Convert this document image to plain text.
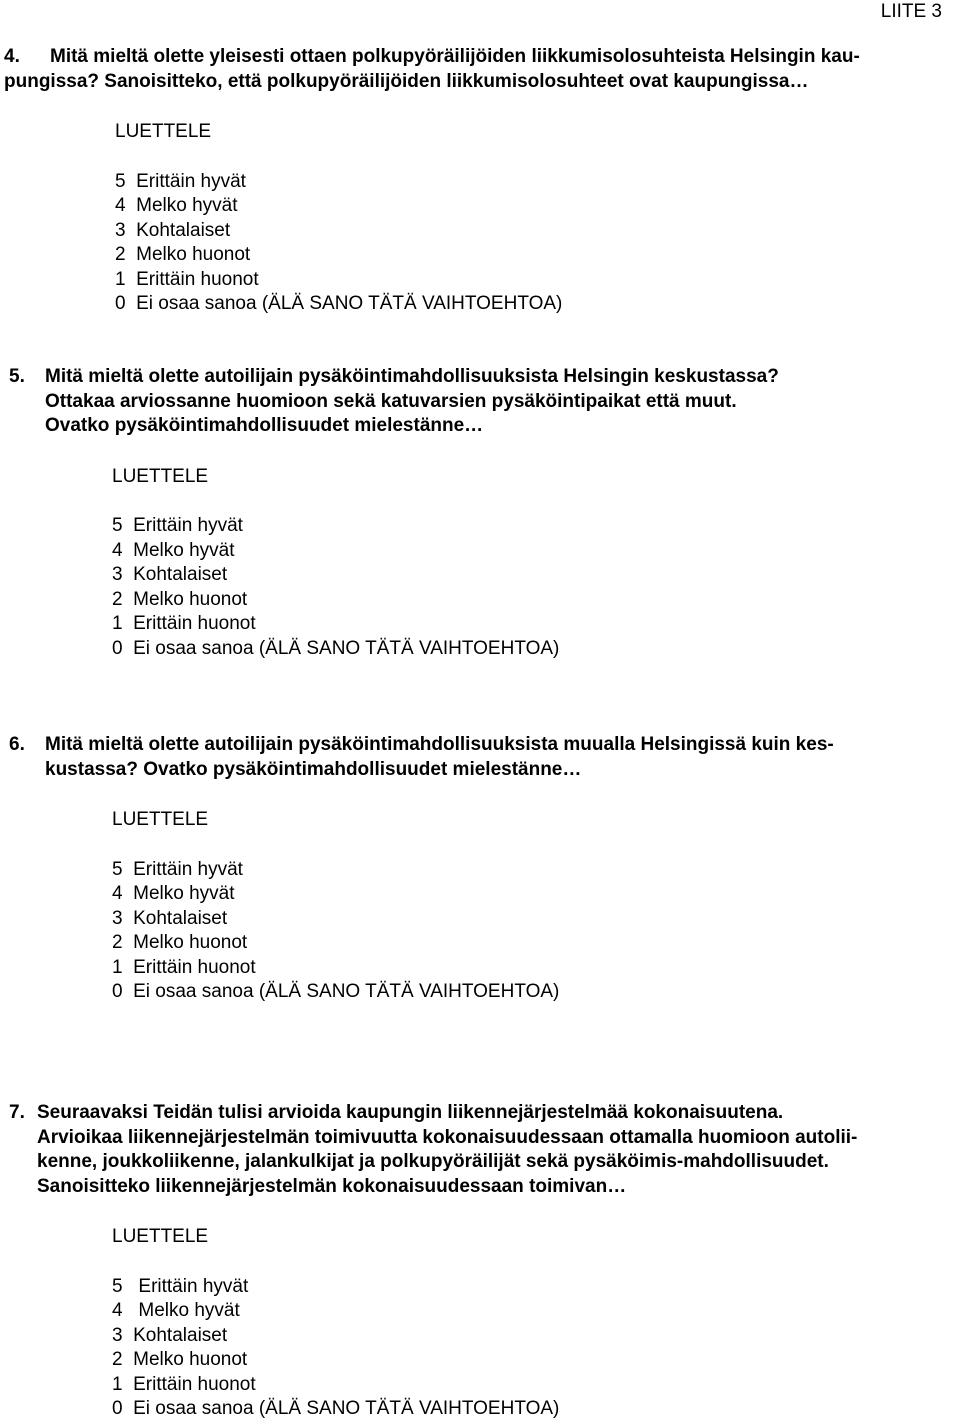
LIITE 3
4.	Mitä mieltä olette yleisesti ottaen polkupyöräilijöiden liikkumisolosuhteista Helsingin kau-
pungissa? Sanoisitteko, että polkupyöräilijöiden liikkumisolosuhteet ovat kaupungissa…
LUETTELE
5  Erittäin hyvät
4  Melko hyvät
3  Kohtalaiset
2  Melko huonot
1  Erittäin huonot
0  Ei osaa sanoa (ÄLÄ SANO TÄTÄ VAIHTOEHTOA)
5.	Mitä mieltä olette autoilijain pysäköintimahdollisuuksista Helsingin keskustassa?
Ottakaa arviossanne huomioon sekä katuvarsien pysäköintipaikat että muut.
Ovatko pysäköintimahdollisuudet mielestänne…
LUETTELE
5  Erittäin hyvät
4  Melko hyvät
3  Kohtalaiset
2  Melko huonot
1  Erittäin huonot
0  Ei osaa sanoa (ÄLÄ SANO TÄTÄ VAIHTOEHTOA)
6.	Mitä mieltä olette autoilijain pysäköintimahdollisuuksista muualla Helsingissä kuin kes-
kustassa? Ovatko pysäköintimahdollisuudet mielestänne…
LUETTELE
5  Erittäin hyvät
4  Melko hyvät
3  Kohtalaiset
2  Melko huonot
1  Erittäin huonot
0  Ei osaa sanoa (ÄLÄ SANO TÄTÄ VAIHTOEHTOA)
7. Seuraavaksi Teidän tulisi arvioida kaupungin liikennejärjestelmää kokonaisuutena.
Arvioikaa liikennejärjestelmän toimivuutta kokonaisuudessaan ottamalla huomioon autolii-
kenne, joukkoliikenne, jalankulkijat ja polkupyöräilijät sekä pysäköimis-mahdollisuudet.
Sanoisitteko liikennejärjestelmän kokonaisuudessaan toimivan…
LUETTELE
5   Erittäin hyvät
4   Melko hyvät
3  Kohtalaiset
2  Melko huonot
1  Erittäin huonot
0  Ei osaa sanoa (ÄLÄ SANO TÄTÄ VAIHTOEHTOA)
